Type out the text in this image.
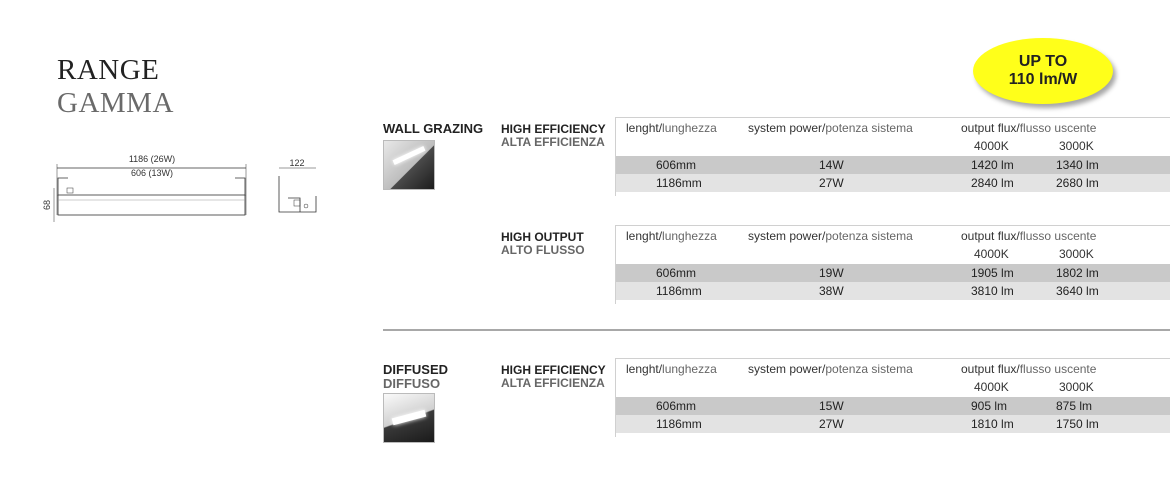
RANGE
GAMMA
1186 (26W)
606 (13W)
68
122
UP TO
110 lm/W
WALL GRAZING
DIFFUSED
DIFFUSO
HIGH EFFICIENCY
ALTA EFFICIENZA
HIGH OUTPUT
ALTO FLUSSO
HIGH EFFICIENCY
ALTA EFFICIENZA
lenght/lunghezza	system power/potenza sistema	output flux/flusso uscente
4000K	3000K
606mm	14W	1420 lm	1340 lm
1186mm	27W	2840 lm	2680 lm
lenght/lunghezza	system power/potenza sistema	output flux/flusso uscente
4000K	3000K
606mm	19W	1905 lm	1802 lm
1186mm	38W	3810 lm	3640 lm
lenght/lunghezza	system power/potenza sistema	output flux/flusso uscente
4000K	3000K
606mm	15W	905 lm	875 lm
1186mm	27W	1810 lm	1750 lm
